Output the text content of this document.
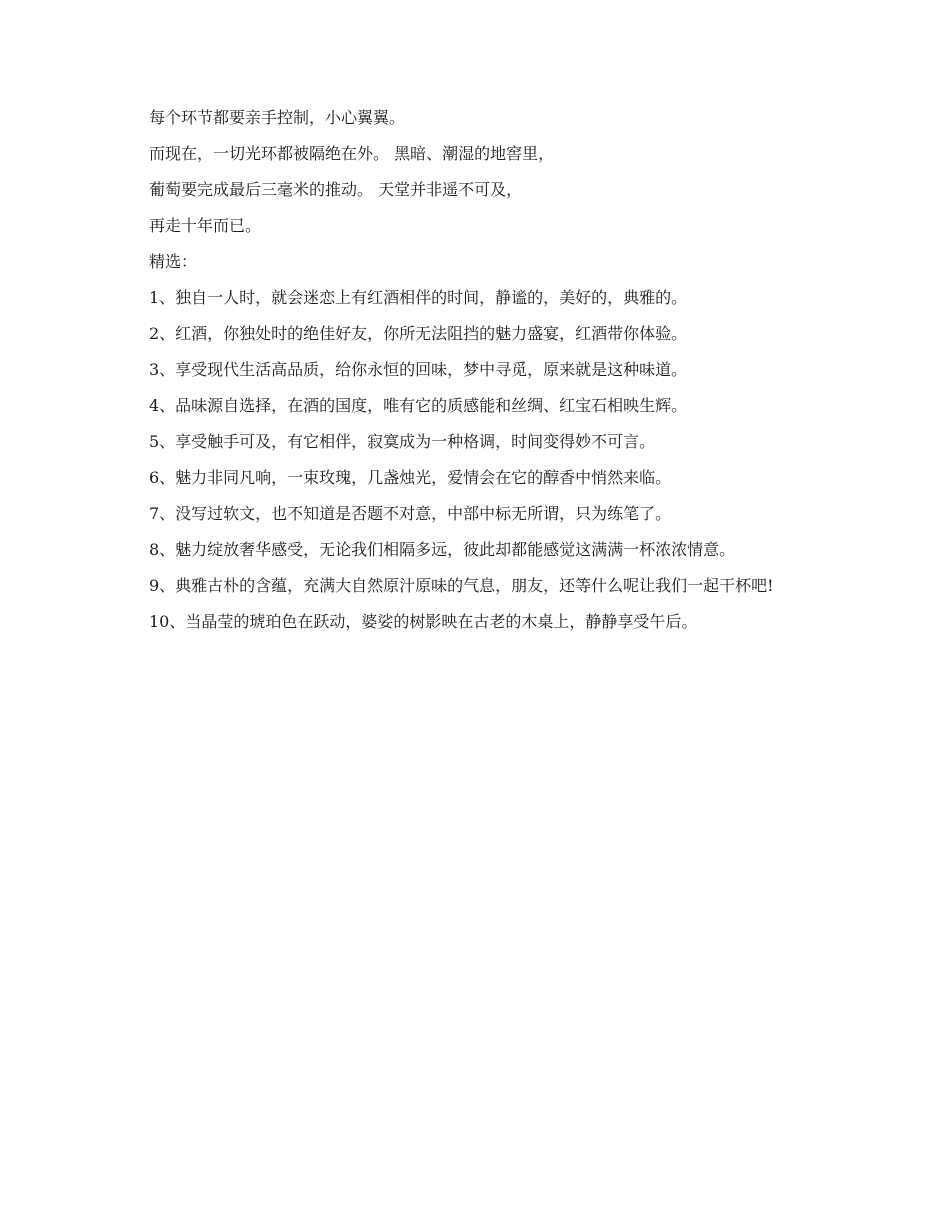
每个环节都要亲手控制，小心翼翼。

而现在，一切光环都被隔绝在外。 黑暗、潮湿的地窖里，

葡萄要完成最后三毫米的推动。 天堂并非遥不可及，

再走十年而已。

精选：

1、独自一人时，就会迷恋上有红酒相伴的时间，静谧的，美好的，典雅的。

2、红酒，你独处时的绝佳好友，你所无法阻挡的魅力盛宴，红酒带你体验。

3、享受现代生活高品质，给你永恒的回味，梦中寻觅，原来就是这种味道。

4、品味源自选择，在酒的国度，唯有它的质感能和丝绸、红宝石相映生辉。

5、享受触手可及，有它相伴，寂寞成为一种格调，时间变得妙不可言。

6、魅力非同凡响，一束玫瑰，几盏烛光，爱情会在它的醇香中悄然来临。

7、没写过软文，也不知道是否题不对意，中部中标无所谓，只为练笔了。

8、魅力绽放奢华感受，无论我们相隔多远，彼此却都能感觉这满满一杯浓浓情意。

9、典雅古朴的含蕴，充满大自然原汁原味的气息，朋友，还等什么呢让我们一起干杯吧!

10、当晶莹的琥珀色在跃动，婆娑的树影映在古老的木桌上，静静享受午后。
